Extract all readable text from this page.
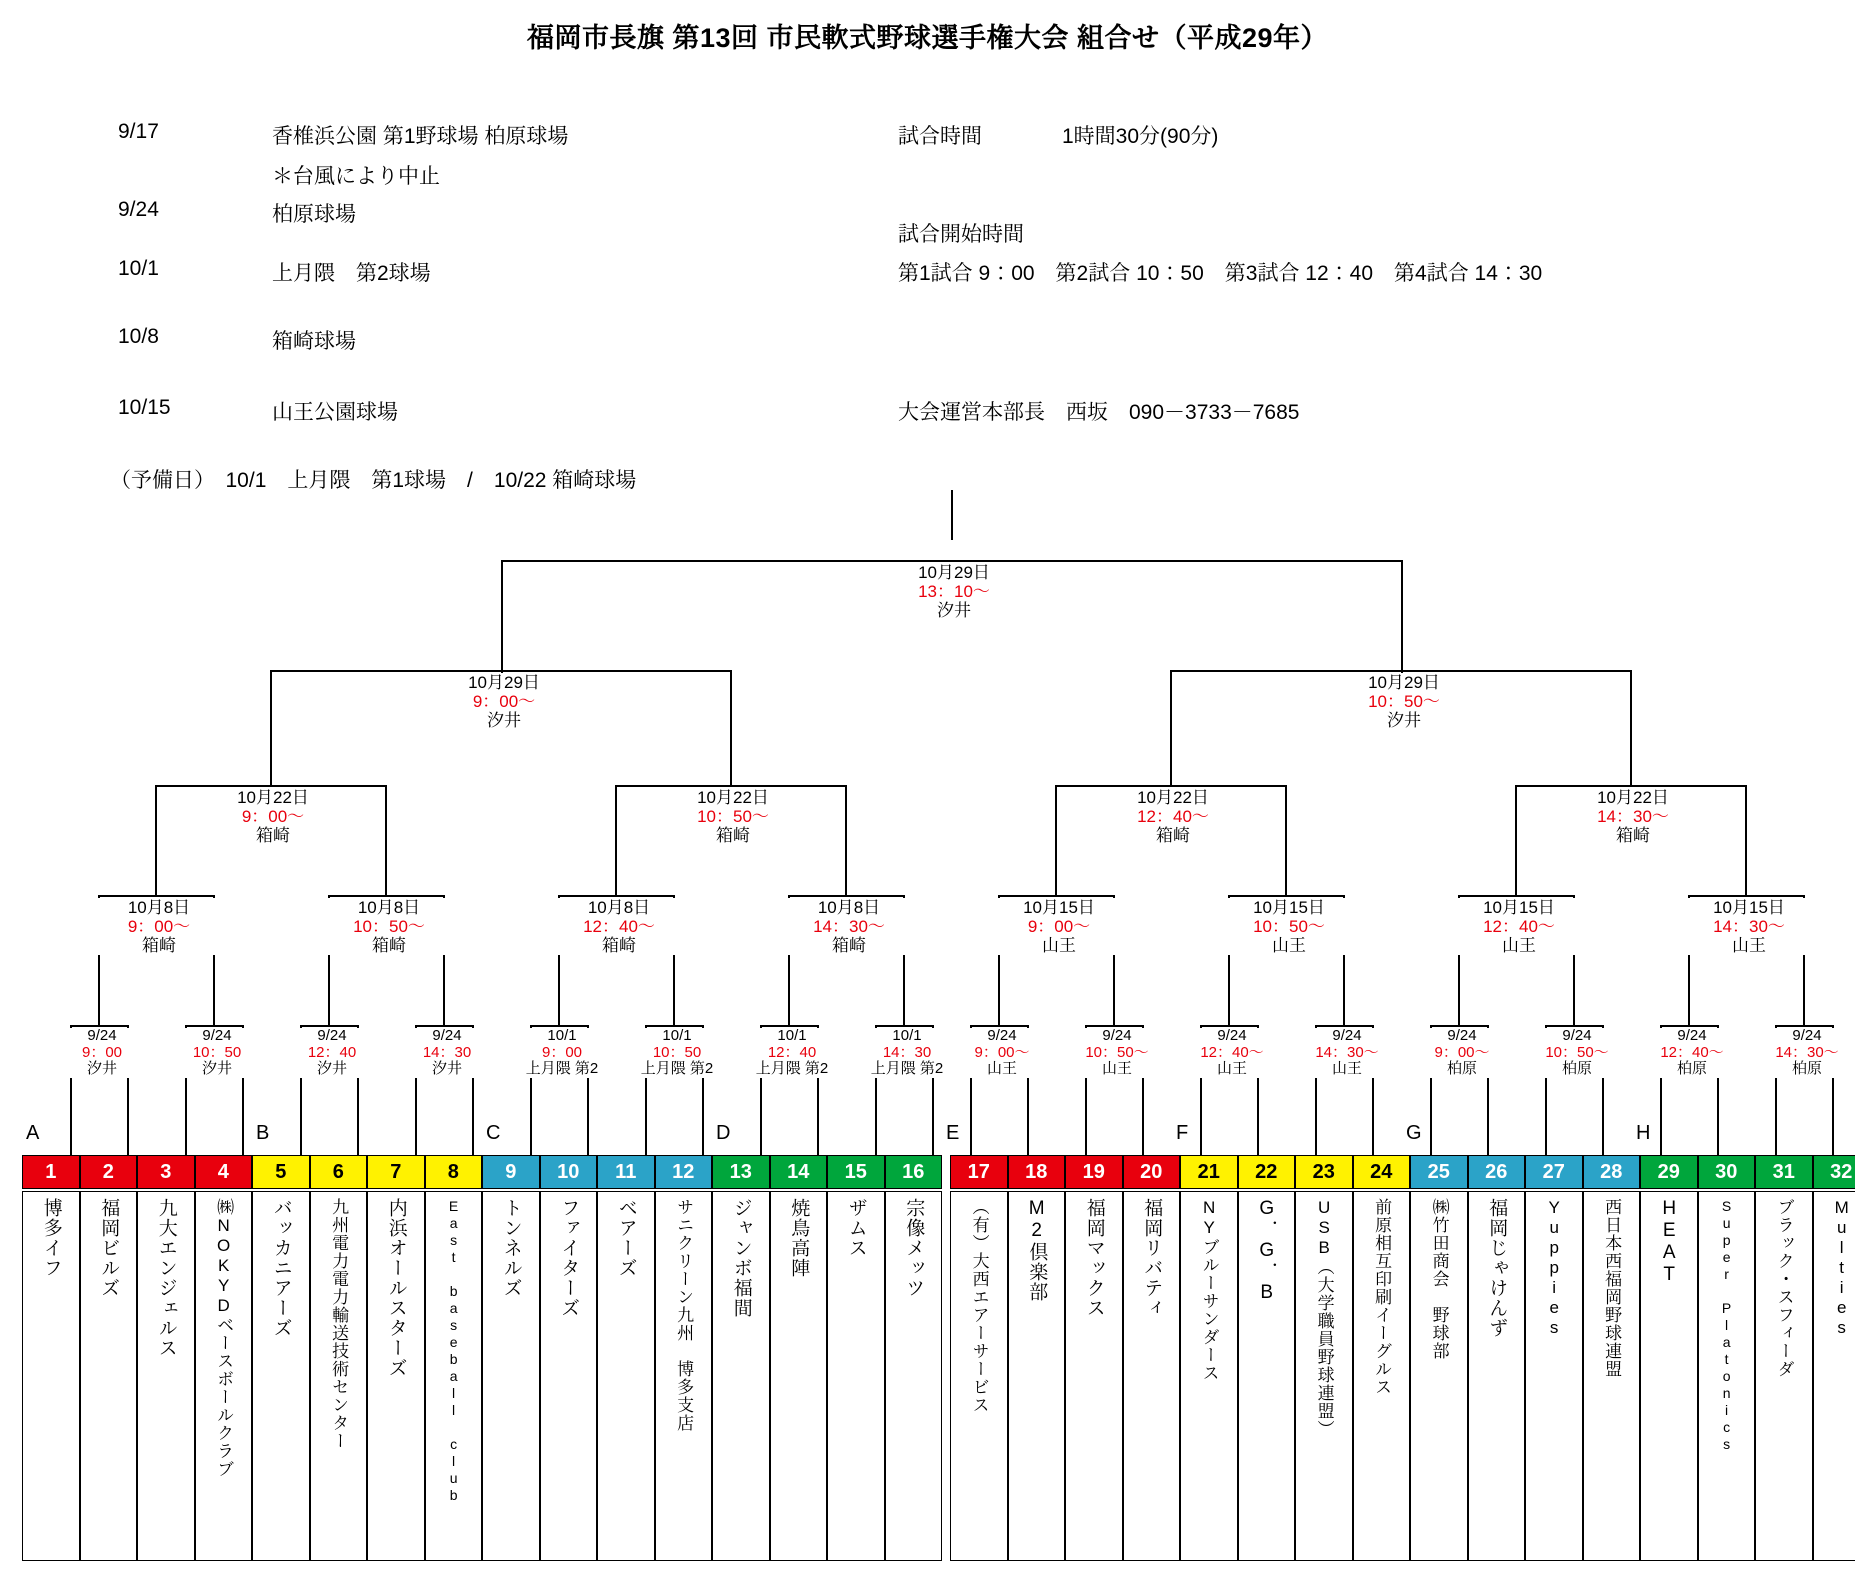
福岡市長旗 第13回 市民軟式野球選手権大会 組合せ（平成29年）
9/17	香椎浜公園 第1野球場 柏原球場
＊台風により中止
9/24	柏原球場
10/1	上月隈　第2球場
10/8	箱崎球場
10/15	山王公園球場
（予備日）　10/1　上月隈　第1球場　/　10/22 箱崎球場
試合時間	1時間30分(90分)
試合開始時間
第1試合 9：00　第2試合 10：50　第3試合 12：40　第4試合 14：30
大会運営本部長　西坂　090－3733－7685
10月29日
13：10〜
汐井
10月29日
9：00〜
汐井
10月29日
10：50〜
汐井
10月22日
9：00〜
箱崎
10月22日
10：50〜
箱崎
10月22日
12：40〜
箱崎
10月22日
14：30〜
箱崎
10月8日
9：00〜
箱崎
10月8日
10：50〜
箱崎
10月8日
12：40〜
箱崎
10月8日
14：30〜
箱崎
10月15日
9：00〜
山王
10月15日
10：50〜
山王
10月15日
12：40〜
山王
10月15日
14：30〜
山王
9/24
9：00
汐井
9/24
10：50
汐井
9/24
12：40
汐井
9/24
14：30
汐井
10/1
9：00
上月隈 第2
10/1
10：50
上月隈 第2
10/1
12：40
上月隈 第2
10/1
14：30
上月隈 第2
9/24
9：00〜
山王
9/24
10：50〜
山王
9/24
12：40〜
山王
9/24
14：30〜
山王
9/24
9：00〜
柏原
9/24
10：50〜
柏原
9/24
12：40〜
柏原
9/24
14：30〜
柏原
A	B	C	D	E	F	G	H
1
博多イフ
2
福岡ビルズ
3
九大エンジェルス
4
㈱NOKYDベースボールクラブ
5
バッカニアーズ
6
九州電力電力輸送技術センター
7
内浜オールスターズ
8
East baseball club
9
トンネルズ
10
ファイターズ
11
ベアーズ
12
サニクリーン九州　博多支店
13
ジャンボ福間
14
焼鳥高陣
15
ザムス
16
宗像メッツ
17
（有）大西エアーサービス
18
M2倶楽部
19
福岡マックス
20
福岡リバティ
21
NYブルーサンダース
22
G．G．B
23
USB（大学職員野球連盟）
24
前原相互印刷イーグルス
25
㈱竹田商会　野球部
26
福岡じゃけんず
27
Yuppies
28
西日本西福岡野球連盟
29
HEAT
30
Super Platonics
31
ブラック・スフィーダ
32
Multies
